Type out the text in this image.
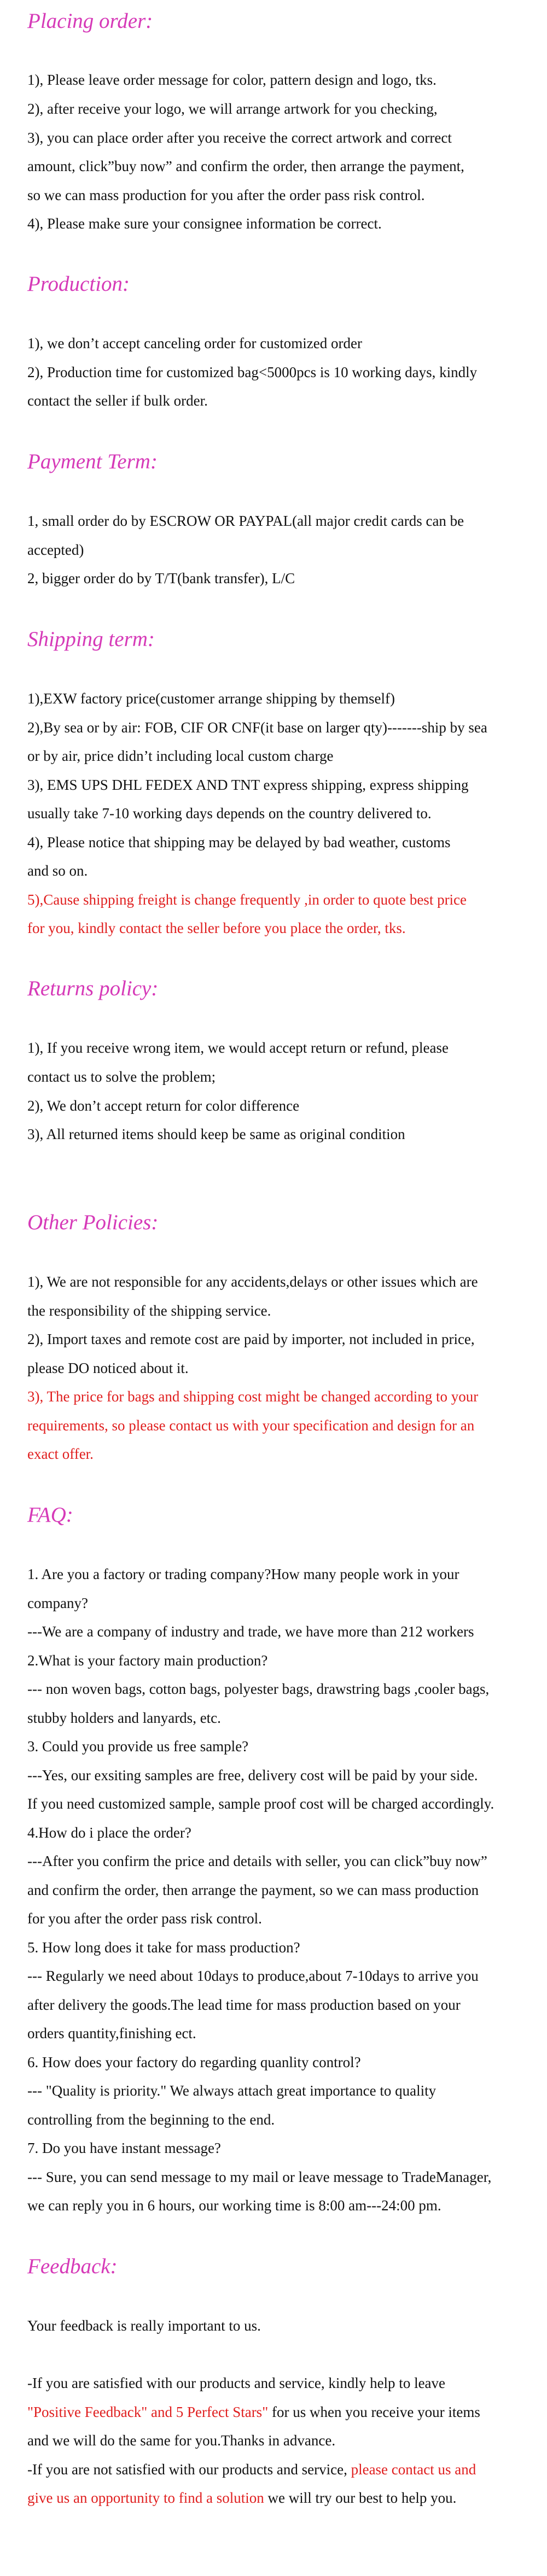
Placing order:

1), Please leave order message for color, pattern design and logo, tks.

2), after receive your logo, we will arrange artwork for you checking,

3), you can place order after you receive the correct artwork and correct

amount, click”buy now” and confirm the order, then arrange the payment,

so we can mass production for you after the order pass risk control.

4), Please make sure your consignee information be correct.

Production:

1), we don’t accept canceling order for customized order

2), Production time for customized bag<5000pcs is 10 working days, kindly

contact the seller if bulk order.

Payment Term:

1, small order do by ESCROW OR PAYPAL(all major credit cards can be

accepted)

2, bigger order do by T/T(bank transfer), L/C

Shipping term:

1),EXW factory price(customer arrange shipping by themself)

2),By sea or by air: FOB, CIF OR CNF(it base on larger qty)-------ship by sea

or by air, price didn’t including local custom charge

3), EMS UPS DHL FEDEX AND TNT express shipping, express shipping

usually take 7-10 working days depends on the country delivered to.

4), Please notice that shipping may be delayed by bad weather, customs

and so on.

5),Cause shipping freight is change frequently ,in order to quote best price

for you, kindly contact the seller before you place the order, tks.

Returns policy:

1), If you receive wrong item, we would accept return or refund, please

contact us to solve the problem;

2), We don’t accept return for color difference

3), All returned items should keep be same as original condition

Other Policies:

1), We are not responsible for any accidents,delays or other issues which are

the responsibility of the shipping service.

2), Import taxes and remote cost are paid by importer, not included in price,

please DO noticed about it.

3), The price for bags and shipping cost might be changed according to your

requirements, so please contact us with your specification and design for an

exact offer.

FAQ:

1. Are you a factory or trading company?How many people work in your

company?

---We are a company of industry and trade, we have more than 212 workers

2.What is your factory main production?

--- non woven bags, cotton bags, polyester bags, drawstring bags ,cooler bags,

stubby holders and lanyards, etc.

3. Could you provide us free sample?

---Yes, our exsiting samples are free, delivery cost will be paid by your side.

If you need customized sample, sample proof cost will be charged accordingly.

4.How do i place the order?

---After you confirm the price and details with seller, you can click”buy now”

and confirm the order, then arrange the payment, so we can mass production

for you after the order pass risk control.

5. How long does it take for mass production?

--- Regularly we need about 10days to produce,about 7-10days to arrive you

after delivery the goods.The lead time for mass production based on your

orders quantity,finishing ect.

6. How does your factory do regarding quanlity control?

--- "Quality is priority." We always attach great importance to quality

controlling from the beginning to the end.

7. Do you have instant message?

--- Sure, you can send message to my mail or leave message to TradeManager,

we can reply you in 6 hours, our working time is 8:00 am---24:00 pm.

Feedback:

Your feedback is really important to us.

-If you are satisfied with our products and service, kindly help to leave

"Positive Feedback" and 5 Perfect Stars" for us when you receive your items

and we will do the same for you.Thanks in advance.

-If you are not satisfied with our products and service, please contact us and

give us an opportunity to find a solution we will try our best to help you.
